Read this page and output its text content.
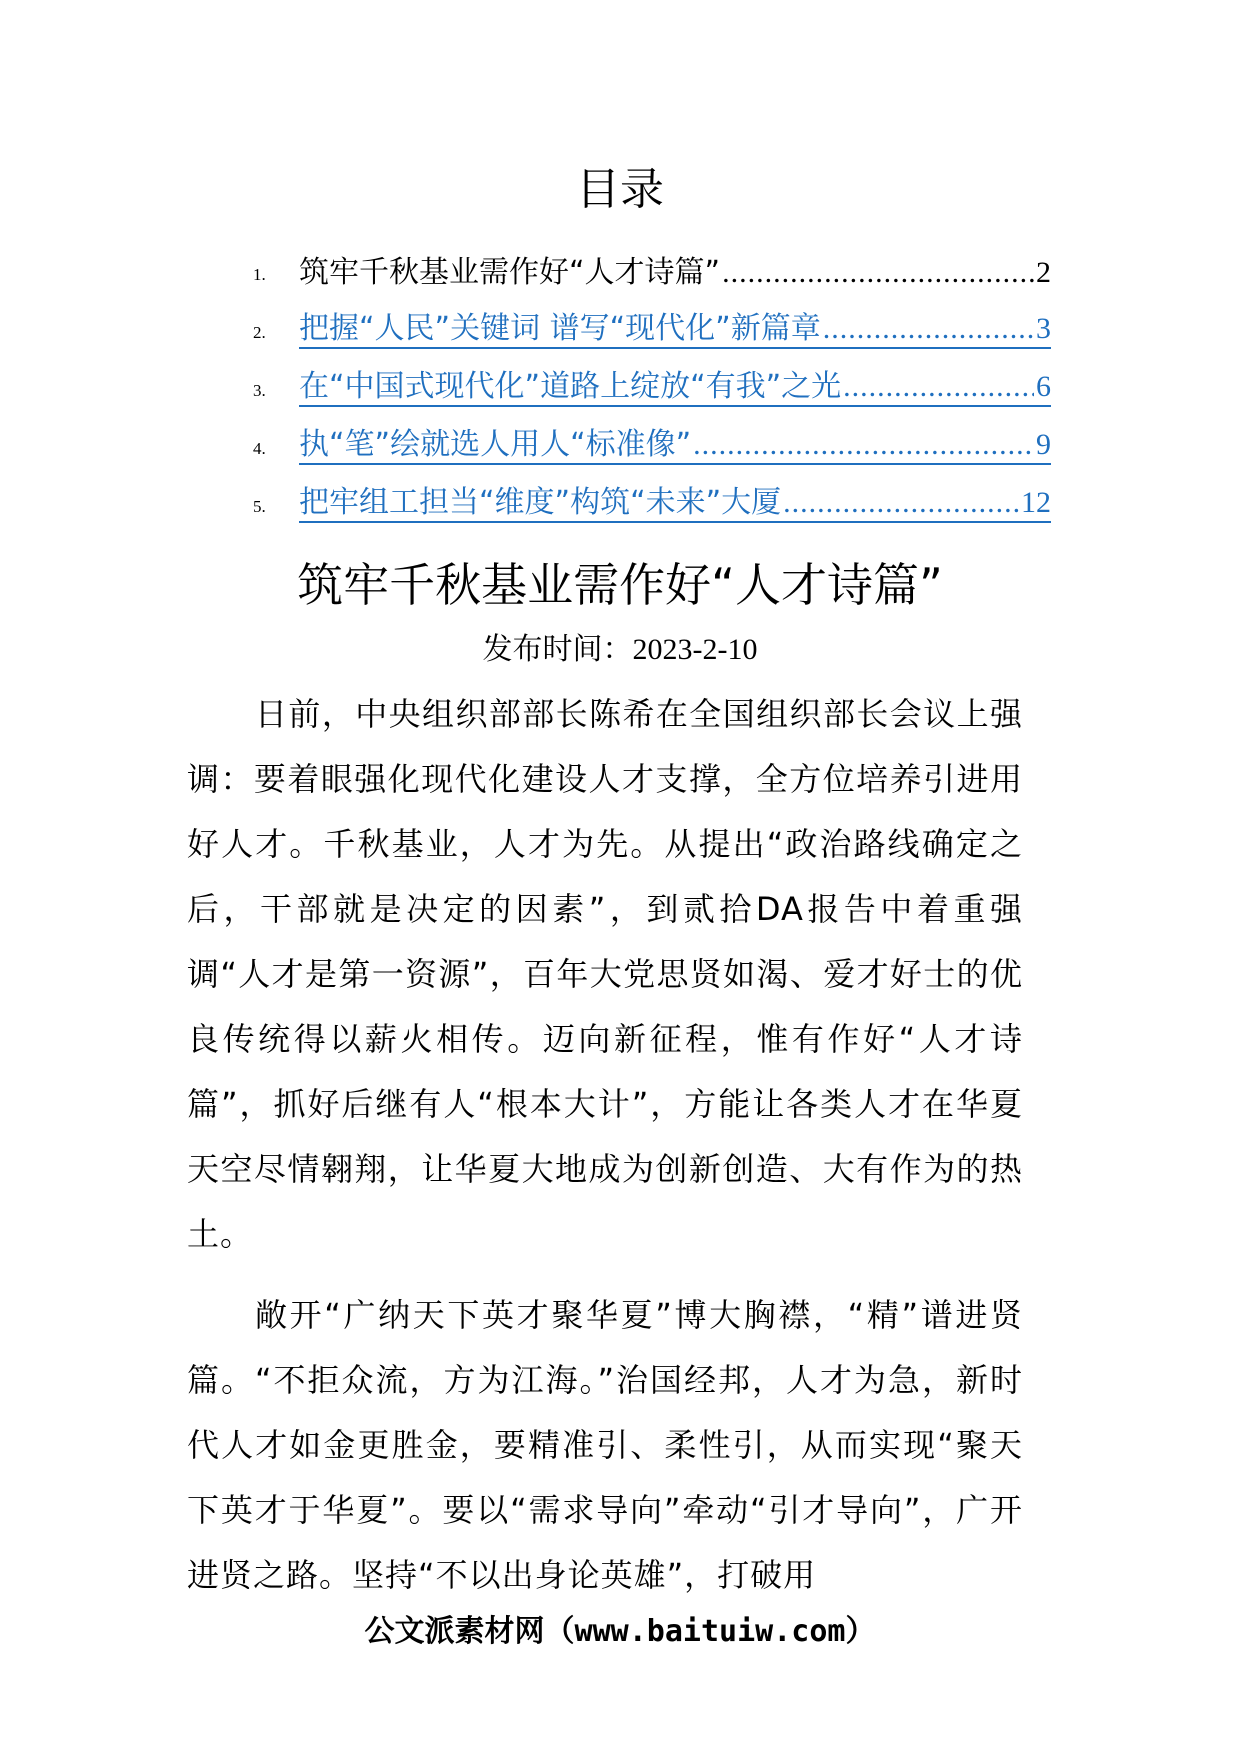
目录
1.	筑牢千秋基业需作好“人才诗篇” .....	2
2.	把握“人民”关键词 谱写“现代化”新篇章 .....	3
3.	在“中国式现代化”道路上绽放“有我”之光 .....	6
4.	执“笔”绘就选人用人“标准像” .....	9
5.	把牢组工担当“维度”构筑“未来”大厦 .....	12
筑牢千秋基业需作好“人才诗篇”
发布时间：2023-2-10

日前，中央组织部部长陈希在全国组织部长会议上强调：要着眼强化现代化建设人才支撑，全方位培养引进用好人才。千秋基业，人才为先。从提出“政治路线确定之后，干部就是决定的因素”，到贰拾DA报告中着重强调“人才是第一资源”，百年大党思贤如渴、爱才好士的优良传统得以薪火相传。迈向新征程，惟有作好“人才诗篇”，抓好后继有人“根本大计”，方能让各类人才在华夏天空尽情翱翔，让华夏大地成为创新创造、大有作为的热土。

敞开“广纳天下英才聚华夏”博大胸襟，“精”谱进贤篇。“不拒众流，方为江海。”治国经邦，人才为急，新时代人才如金更胜金，要精准引、柔性引，从而实现“聚天下英才于华夏”。要以“需求导向”牵动“引才导向”，广开进贤之路。坚持“不以出身论英雄”，打破用

公文派素材网（www.baituiw.com）
